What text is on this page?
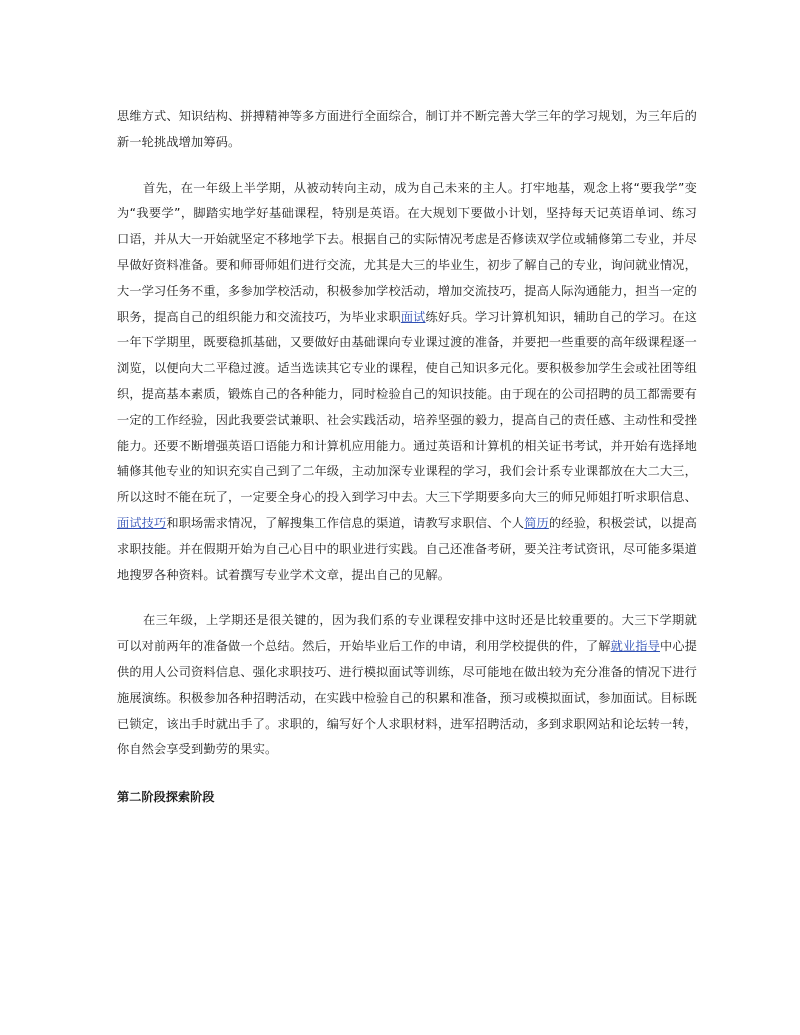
思维方式、知识结构、拼搏精神等多方面进行全面综合，制订并不断完善大学三年的学习规划，为三年后的新一轮挑战增加筹码。

首先，在一年级上半学期，从被动转向主动，成为自己未来的主人。打牢地基，观念上将“要我学”变为“我要学”，脚踏实地学好基础课程，特别是英语。在大规划下要做小计划，坚持每天记英语单词、练习口语，并从大一开始就坚定不移地学下去。根据自己的实际情况考虑是否修读双学位或辅修第二专业，并尽早做好资料准备。要和师哥师姐们进行交流，尤其是大三的毕业生，初步了解自己的专业，询问就业情况，大一学习任务不重，多参加学校活动，积极参加学校活动，增加交流技巧，提高人际沟通能力，担当一定的职务，提高自己的组织能力和交流技巧，为毕业求职面试练好兵。学习计算机知识，辅助自己的学习。在这一年下学期里，既要稳抓基础，又要做好由基础课向专业课过渡的准备，并要把一些重要的高年级课程逐一浏览，以便向大二平稳过渡。适当选读其它专业的课程，使自己知识多元化。要积极参加学生会或社团等组织，提高基本素质，锻炼自己的各种能力，同时检验自己的知识技能。由于现在的公司招聘的员工都需要有一定的工作经验，因此我要尝试兼职、社会实践活动，培养坚强的毅力，提高自己的责任感、主动性和受挫能力。还要不断增强英语口语能力和计算机应用能力。通过英语和计算机的相关证书考试，并开始有选择地辅修其他专业的知识充实自己到了二年级，主动加深专业课程的学习，我们会计系专业课都放在大二大三，所以这时不能在玩了，一定要全身心的投入到学习中去。大三下学期要多向大三的师兄师姐打听求职信息、面试技巧和职场需求情况，了解搜集工作信息的渠道，请教写求职信、个人简历的经验，积极尝试，以提高求职技能。并在假期开始为自己心目中的职业进行实践。自己还准备考研，要关注考试资讯，尽可能多渠道地搜罗各种资料。试着撰写专业学术文章，提出自己的见解。

在三年级，上学期还是很关键的，因为我们系的专业课程安排中这时还是比较重要的。大三下学期就可以对前两年的准备做一个总结。然后，开始毕业后工作的申请，利用学校提供的件，了解就业指导中心提供的用人公司资料信息、强化求职技巧、进行模拟面试等训练，尽可能地在做出较为充分准备的情况下进行施展演练。积极参加各种招聘活动，在实践中检验自己的积累和准备，预习或模拟面试，参加面试。目标既已锁定，该出手时就出手了。求职的，编写好个人求职材料，进军招聘活动，多到求职网站和论坛转一转，你自然会享受到勤劳的果实。

第二阶段探索阶段
